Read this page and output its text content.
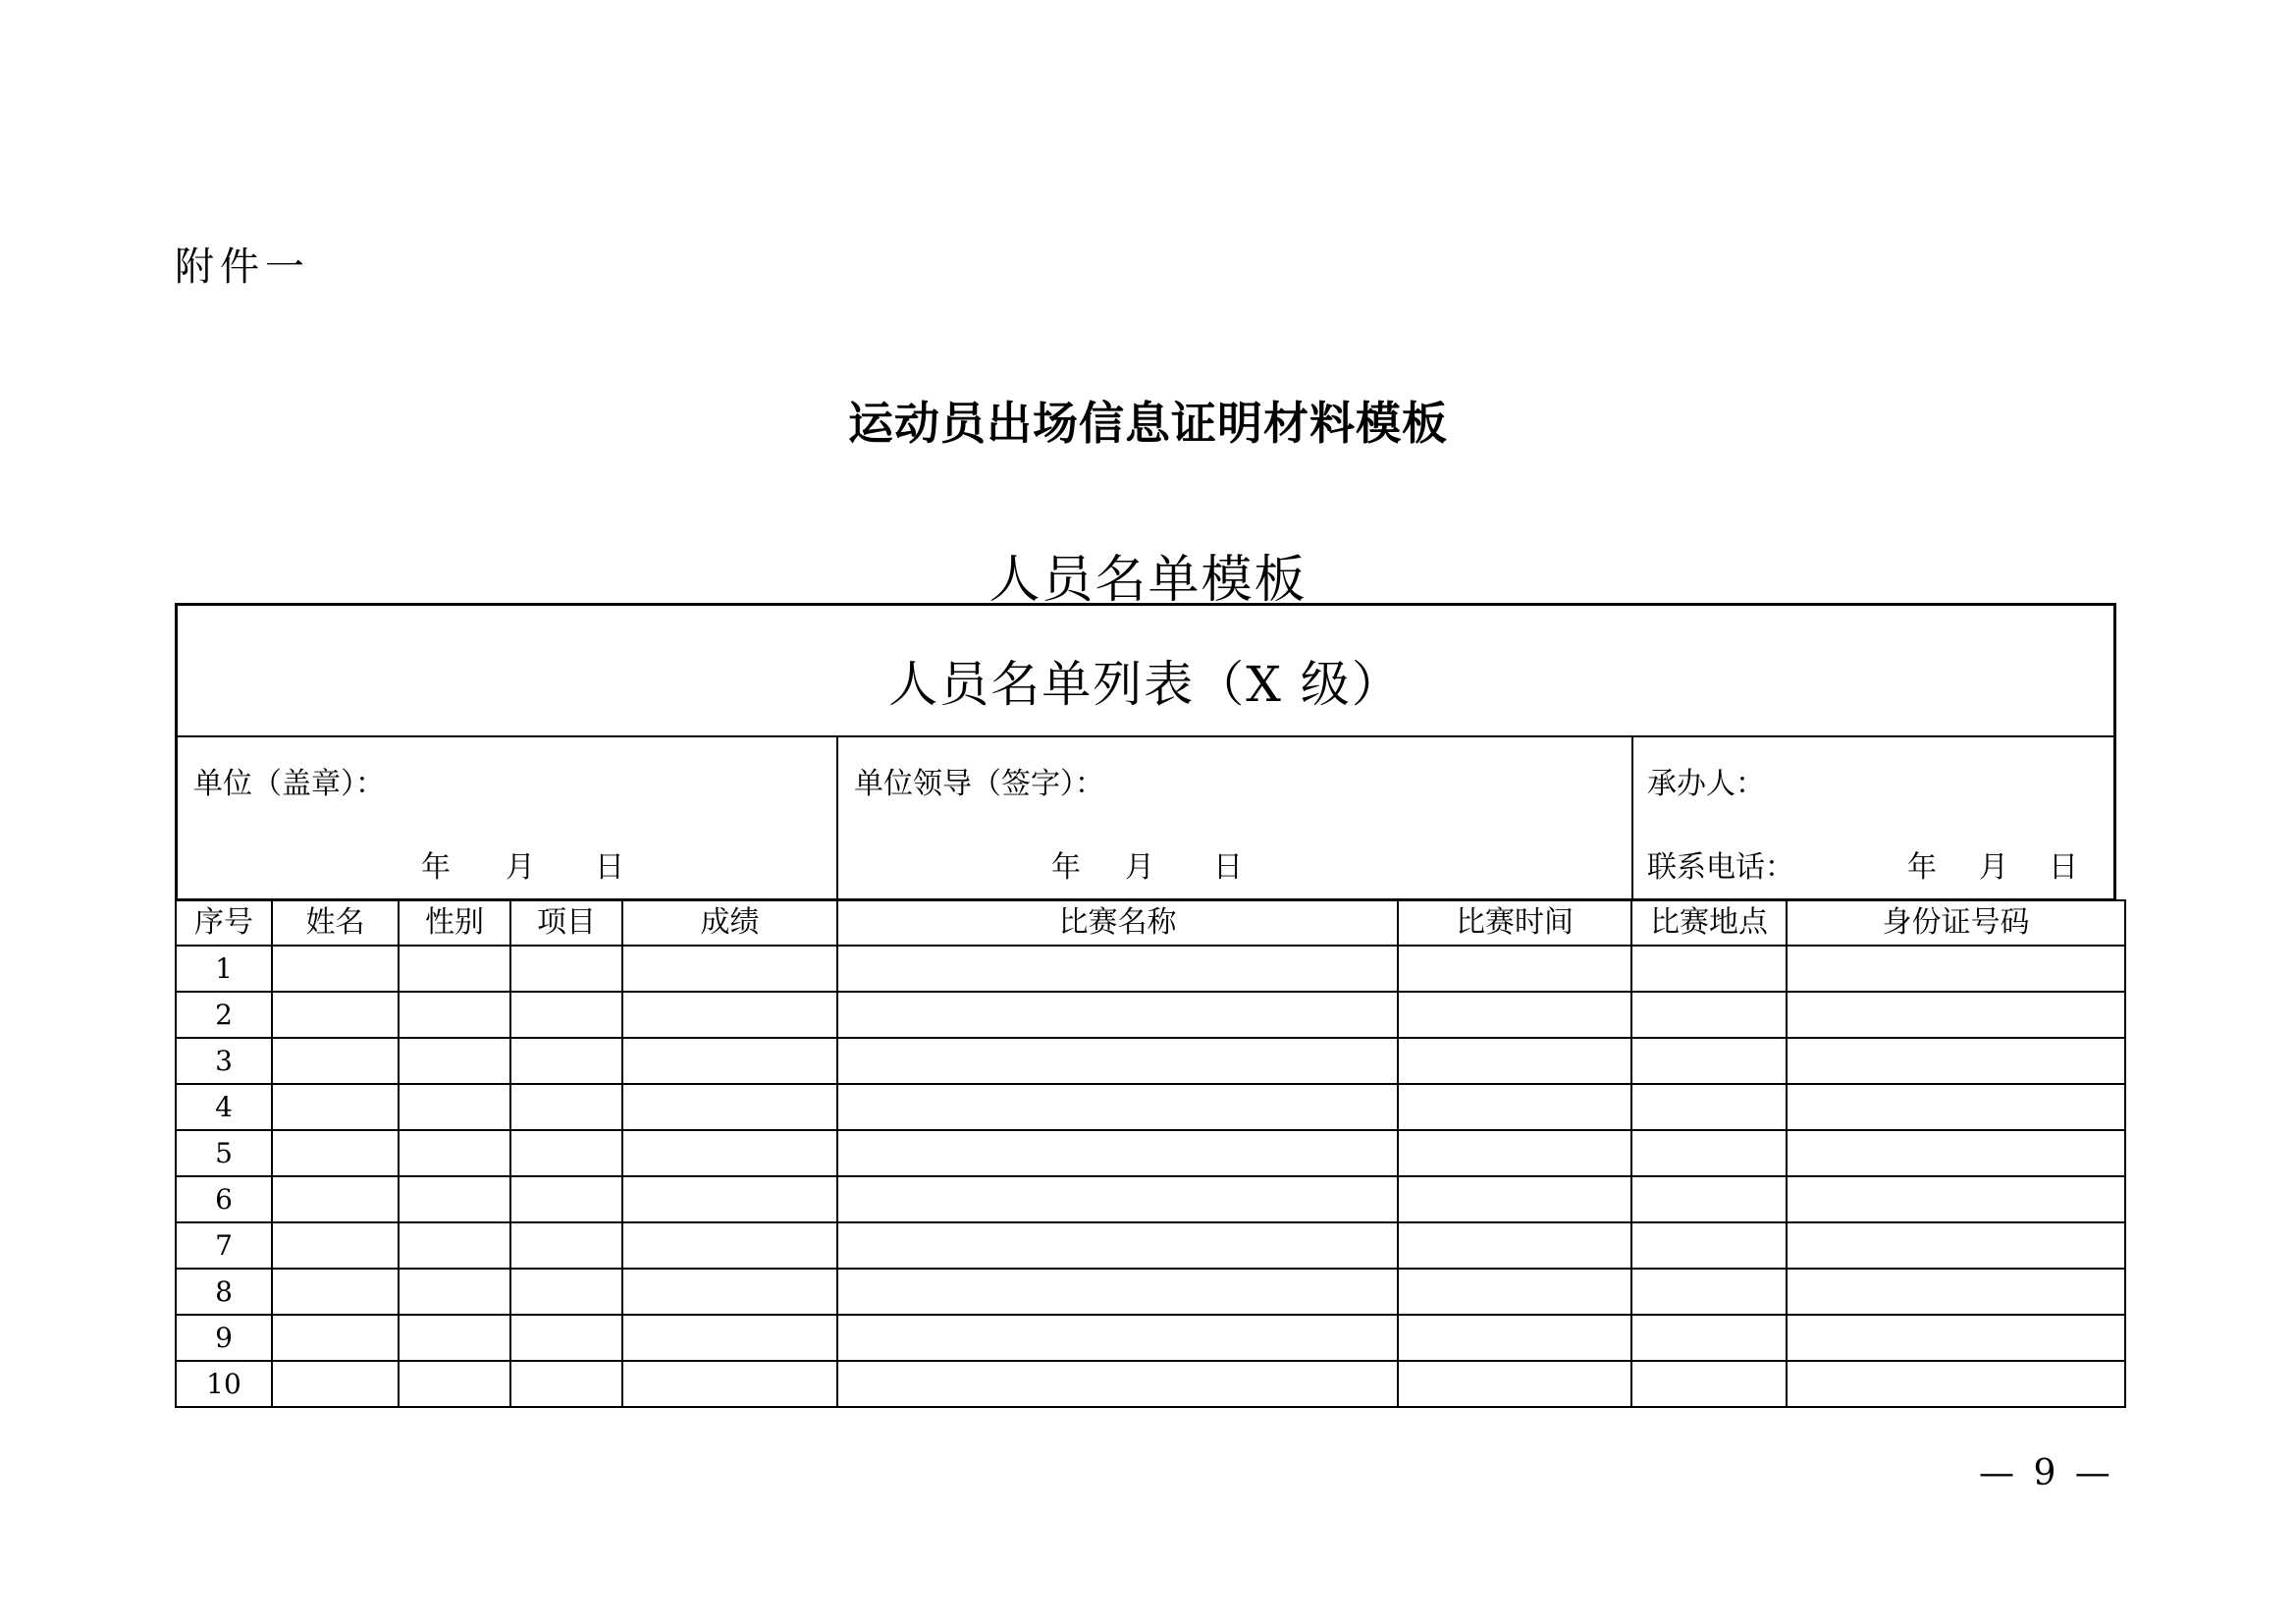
附件一
运动员出场信息证明材料模板
人员名单模板
人员名单列表（X 级）
单位（盖章）：
年 月 日
单位领导（签字）：
年 月 日
承办人：
联系电话：	年 月 日
序号	姓名	性别	项目	成绩	比赛名称	比赛时间	比赛地点	身份证号码
1								
2								
3								
4								
5								
6								
7								
8								
9								
10								
— 9 —
